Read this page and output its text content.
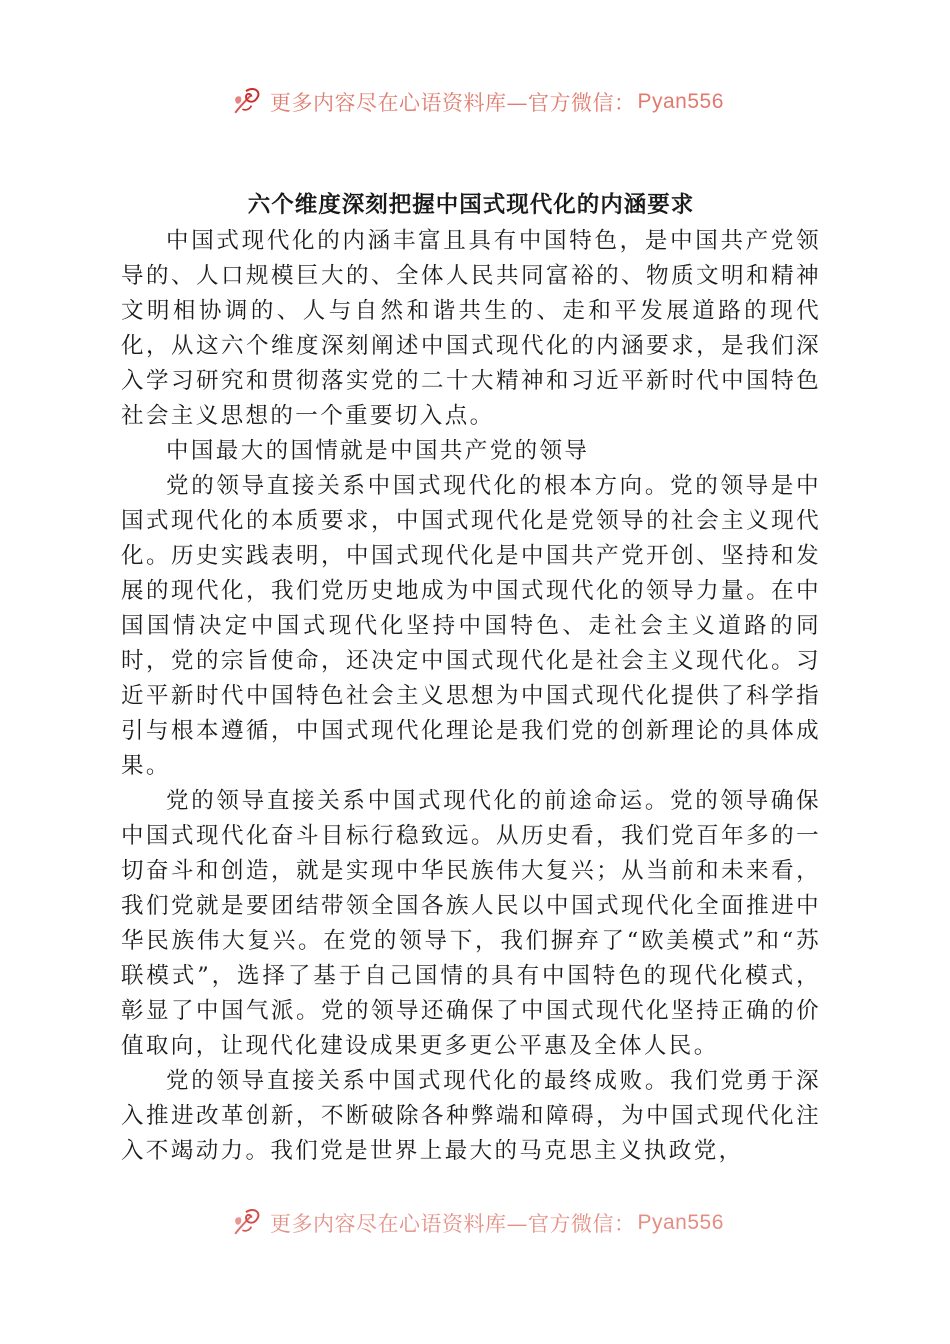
更多内容尽在心语资料库—官方微信： Pyan556
六个维度深刻把握中国式现代化的内涵要求

中国式现代化的内涵丰富且具有中国特色，是中国共产党领导的、人口规模巨大的、全体人民共同富裕的、物质文明和精神文明相协调的、人与自然和谐共生的、走和平发展道路的现代化，从这六个维度深刻阐述中国式现代化的内涵要求，是我们深入学习研究和贯彻落实党的二十大精神和习近平新时代中国特色社会主义思想的一个重要切入点。

中国最大的国情就是中国共产党的领导

党的领导直接关系中国式现代化的根本方向。党的领导是中国式现代化的本质要求，中国式现代化是党领导的社会主义现代化。历史实践表明，中国式现代化是中国共产党开创、坚持和发展的现代化，我们党历史地成为中国式现代化的领导力量。在中国国情决定中国式现代化坚持中国特色、走社会主义道路的同时，党的宗旨使命，还决定中国式现代化是社会主义现代化。习近平新时代中国特色社会主义思想为中国式现代化提供了科学指引与根本遵循，中国式现代化理论是我们党的创新理论的具体成果。

党的领导直接关系中国式现代化的前途命运。党的领导确保中国式现代化奋斗目标行稳致远。从历史看，我们党百年多的一切奋斗和创造，就是实现中华民族伟大复兴；从当前和未来看，我们党就是要团结带领全国各族人民以中国式现代化全面推进中华民族伟大复兴。在党的领导下，我们摒弃了“欧美模式”和“苏联模式”，选择了基于自己国情的具有中国特色的现代化模式，彰显了中国气派。党的领导还确保了中国式现代化坚持正确的价值取向，让现代化建设成果更多更公平惠及全体人民。

党的领导直接关系中国式现代化的最终成败。我们党勇于深入推进改革创新，不断破除各种弊端和障碍，为中国式现代化注入不竭动力。我们党是世界上最大的马克思主义执政党，

更多内容尽在心语资料库—官方微信： Pyan556
